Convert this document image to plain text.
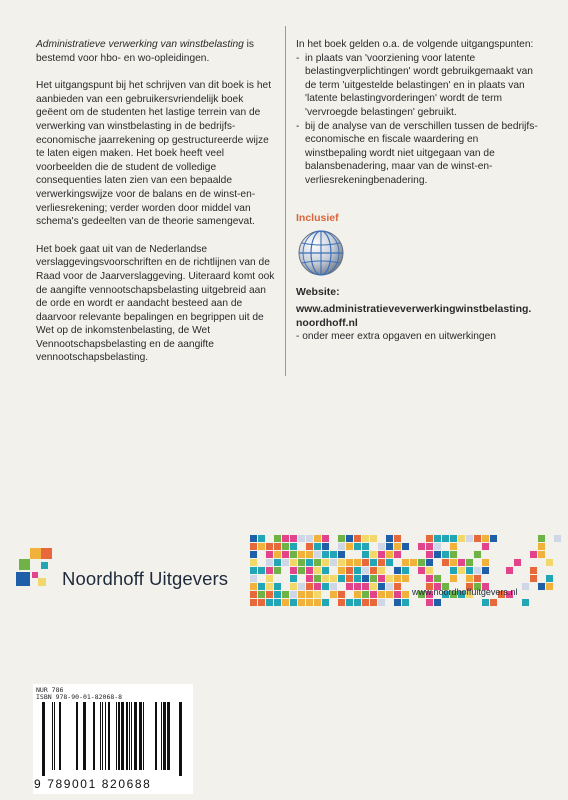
Administratieve verwerking van winstbelasting is bestemd voor hbo- en wo-opleidingen.

Het uitgangspunt bij het schrijven van dit boek is het aanbieden van een gebruikersvriendelijk boek geëent om de studenten het lastige terrein van de verwerking van winstbelasting in de bedrijfs-economische jaarrekening op gestructureerde wijze te laten eigen maken. Het boek heeft veel voorbeelden die de student de volledige consequenties laten zien van een bepaalde verwerkingswijze voor de balans en de winst-en-verliesrekening; verder worden door middel van schema's gedeelten van de theorie samengevat.

Het boek gaat uit van de Nederlandse verslaggevingsvoorschriften en de richtlijnen van de Raad voor de Jaarverslaggeving. Uiteraard komt ook de aangifte vennootschapsbelasting uitgebreid aan de orde en wordt er aandacht besteed aan de daarvoor relevante bepalingen en begrippen uit de Wet op de inkomstenbelasting, de Wet Vennootschapsbelasting en de aangifte vennootschapsbelasting.

In het boek gelden o.a. de volgende uitgangspunten:

- in plaats van 'voorziening voor latente belastingverplichtingen' wordt gebruikgemaakt van de term 'uitgestelde belastingen' en in plaats van 'latente belastingvorderingen' wordt de term 'vervroegde belastingen' gebruikt.
- bij de analyse van de verschillen tussen de bedrijfs-economische en fiscale waardering en winstbepaling wordt niet uitgegaan van de balansbenadering, maar van de winst-en-verliesrekeningbenadering.
Inclusief
Website:
www.administratieveverwerkingwinstbelasting.
noordhoff.nl
- onder meer extra opgaven en uitwerkingen
Noordhoff Uitgevers
www.noordhoffuitgevers.nl
NUR 786
ISBN 978-90-01-82068-8
9 789001 820688
